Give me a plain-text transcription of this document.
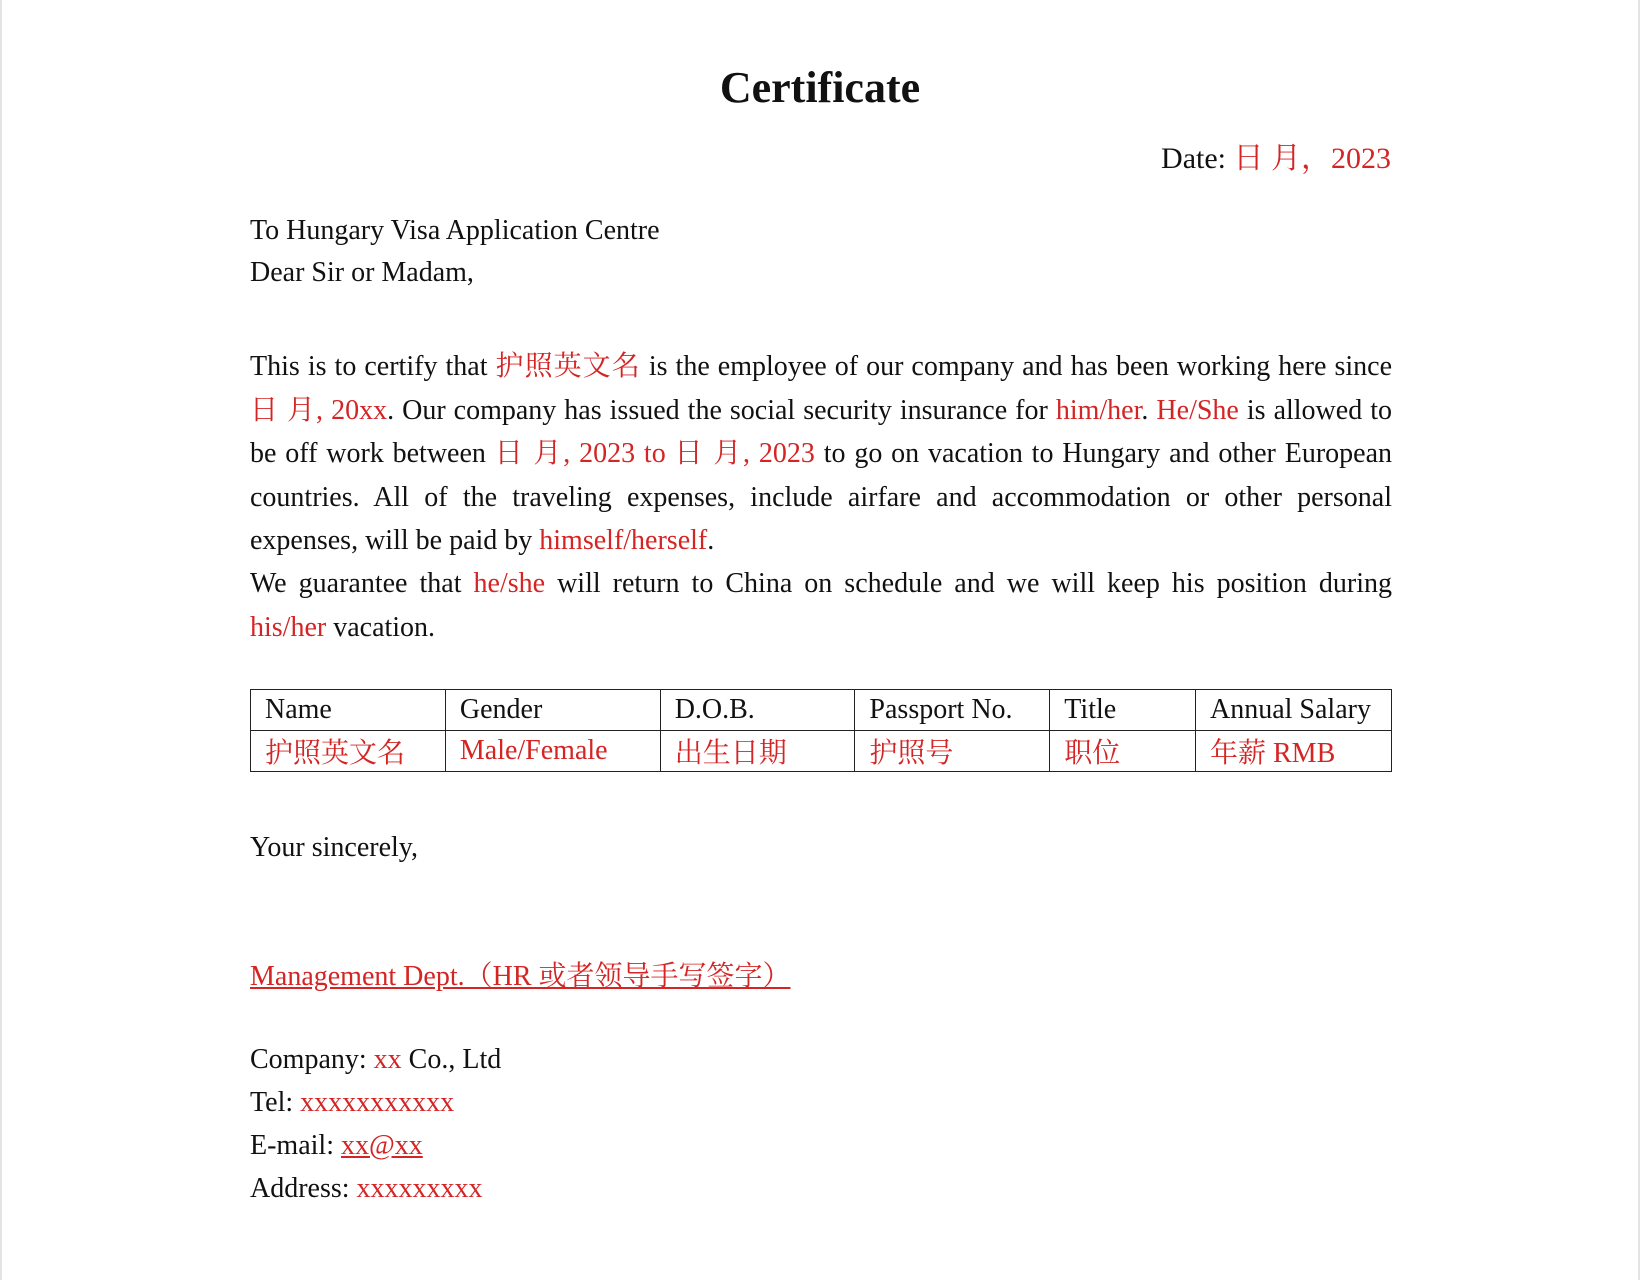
Certificate
Date: 日 月，2023
To Hungary Visa Application Centre
Dear Sir or Madam,

This is to certify that 护照英文名 is the employee of our company and has been working here since 日 月, 20xx. Our company has issued the social security insurance for him/her. He/She is allowed to be off work between 日 月, 2023 to 日 月, 2023 to go on vacation to Hungary and other European countries. All of the traveling expenses, include airfare and accommodation or other personal expenses, will be paid by himself/herself.

We guarantee that he/she will return to China on schedule and we will keep his position during his/her vacation.

Name	Gender	D.O.B.	Passport No.	Title	Annual Salary
护照英文名	Male/Female	出生日期	护照号	职位	年薪 RMB
Your sincerely,
Management Dept.（HR 或者领导手写签字）
Company: xx Co., Ltd
Tel: xxxxxxxxxxx
E-mail: xx@xx
Address: xxxxxxxxx
